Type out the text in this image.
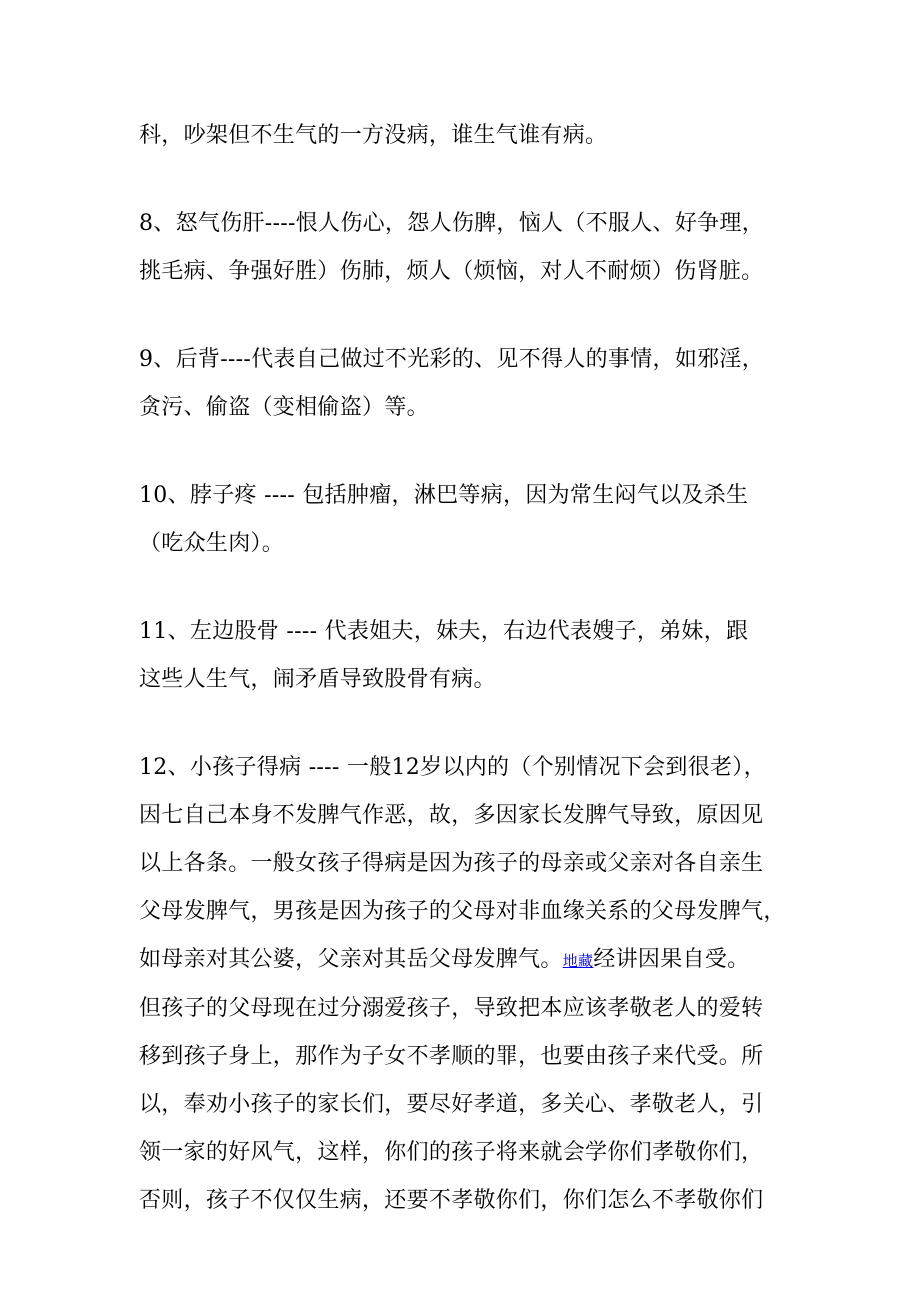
科，吵架但不生气的一方没病，谁生气谁有病。

8、怒气伤肝----恨人伤心，怨人伤脾，恼人（不服人、好争理，
挑毛病、争强好胜）伤肺，烦人（烦恼，对人不耐烦）伤肾脏。

9、后背----代表自己做过不光彩的、见不得人的事情，如邪淫，
贪污、偷盗（变相偷盗）等。

10、脖子疼 ---- 包括肿瘤，淋巴等病，因为常生闷气以及杀生
（吃众生肉）。

11、左边股骨 ---- 代表姐夫，妹夫，右边代表嫂子，弟妹，跟
这些人生气，闹矛盾导致股骨有病。

12、小孩子得病 ---- 一般12岁以内的（个别情况下会到很老），
因七自己本身不发脾气作恶，故，多因家长发脾气导致，原因见
以上各条。一般女孩子得病是因为孩子的母亲或父亲对各自亲生
父母发脾气，男孩是因为孩子的父母对非血缘关系的父母发脾气，
如母亲对其公婆，父亲对其岳父母发脾气。地藏经讲因果自受。
但孩子的父母现在过分溺爱孩子，导致把本应该孝敬老人的爱转
移到孩子身上，那作为子女不孝顺的罪，也要由孩子来代受。所
以，奉劝小孩子的家长们，要尽好孝道，多关心、孝敬老人，引
领一家的好风气，这样，你们的孩子将来就会学你们孝敬你们，
否则，孩子不仅仅生病，还要不孝敬你们，你们怎么不孝敬你们
